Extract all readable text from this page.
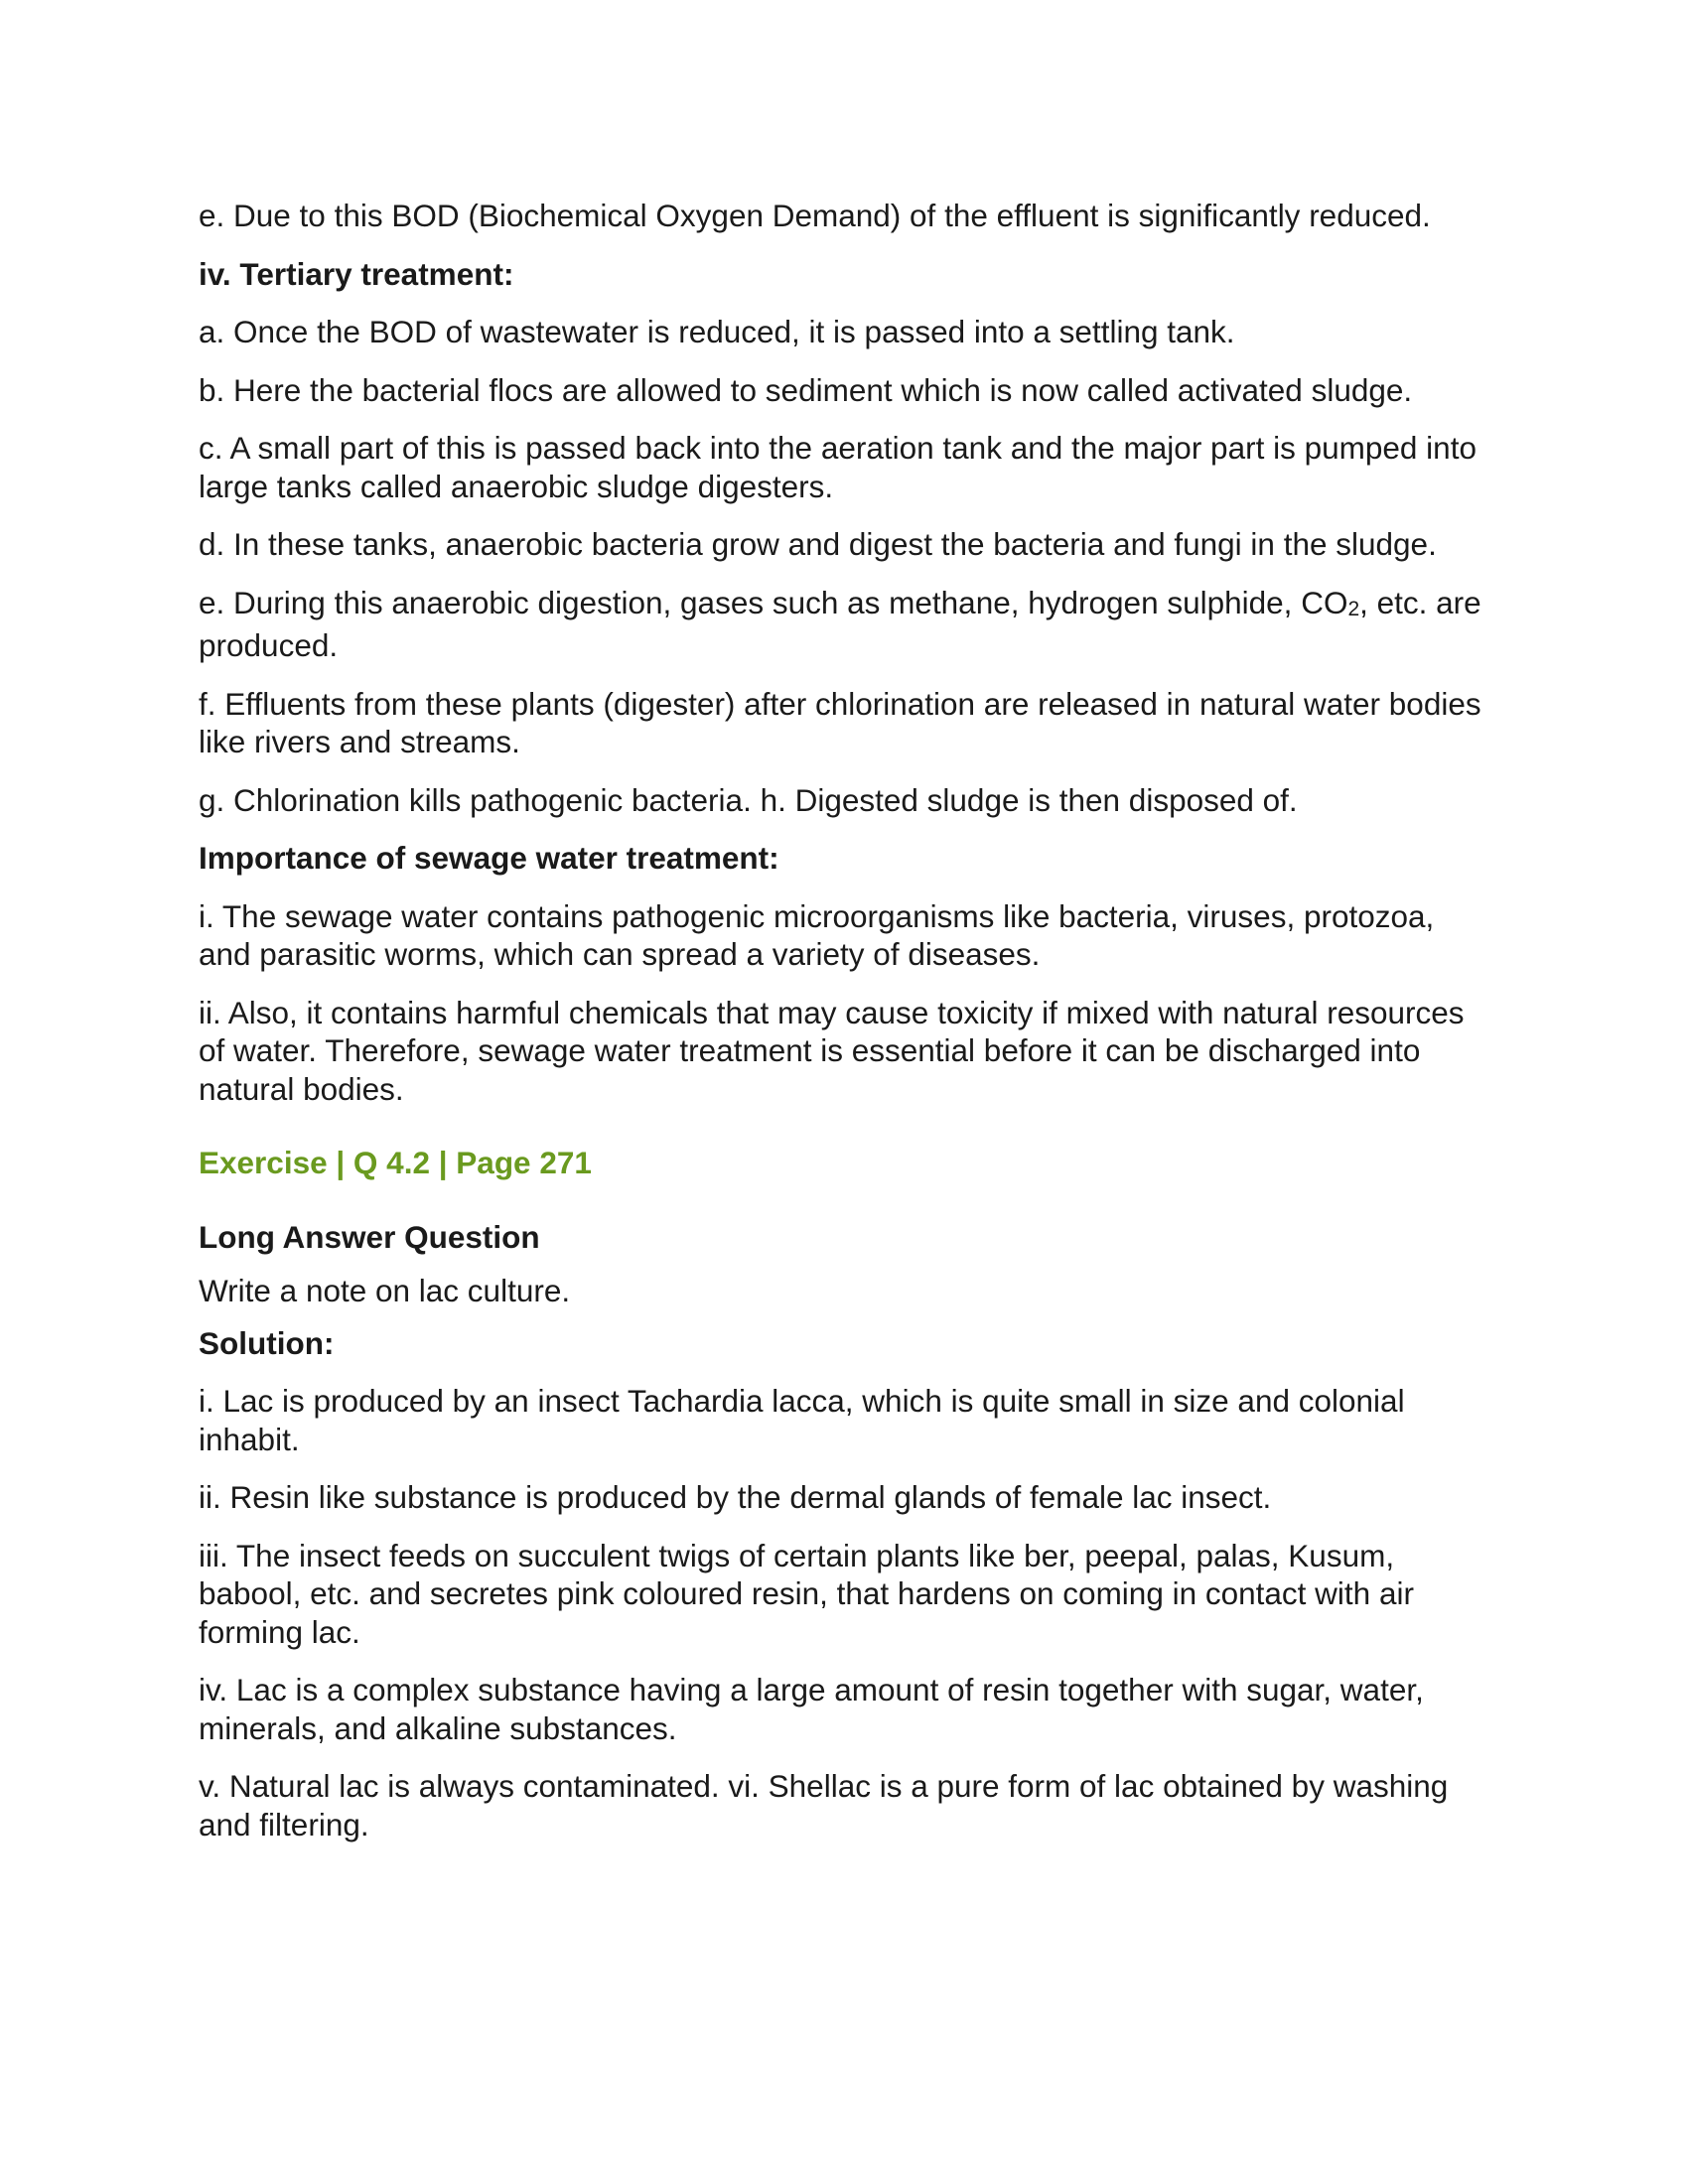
e. Due to this BOD (Biochemical Oxygen Demand) of the effluent is significantly reduced.

iv. Tertiary treatment:

a. Once the BOD of wastewater is reduced, it is passed into a settling tank.

b. Here the bacterial flocs are allowed to sediment which is now called activated sludge.

c. A small part of this is passed back into the aeration tank and the major part is pumped into large tanks called anaerobic sludge digesters.

d. In these tanks, anaerobic bacteria grow and digest the bacteria and fungi in the sludge.

e. During this anaerobic digestion, gases such as methane, hydrogen sulphide, $CO_2$, etc. are produced.

f. Effluents from these plants (digester) after chlorination are released in natural water bodies like rivers and streams.

g. Chlorination kills pathogenic bacteria. h. Digested sludge is then disposed of.

Importance of sewage water treatment:

i. The sewage water contains pathogenic microorganisms like bacteria, viruses, protozoa, and parasitic worms, which can spread a variety of diseases.

ii. Also, it contains harmful chemicals that may cause toxicity if mixed with natural resources of water. Therefore, sewage water treatment is essential before it can be discharged into natural bodies.

Exercise | Q 4.2 | Page 271

Long Answer Question

Write a note on lac culture.

Solution:

i. Lac is produced by an insect Tachardia lacca, which is quite small in size and colonial inhabit.

ii. Resin like substance is produced by the dermal glands of female lac insect.

iii. The insect feeds on succulent twigs of certain plants like ber, peepal, palas, Kusum, babool, etc. and secretes pink coloured resin, that hardens on coming in contact with air forming lac.

iv. Lac is a complex substance having a large amount of resin together with sugar, water, minerals, and alkaline substances.

v. Natural lac is always contaminated. vi. Shellac is a pure form of lac obtained by washing and filtering.
